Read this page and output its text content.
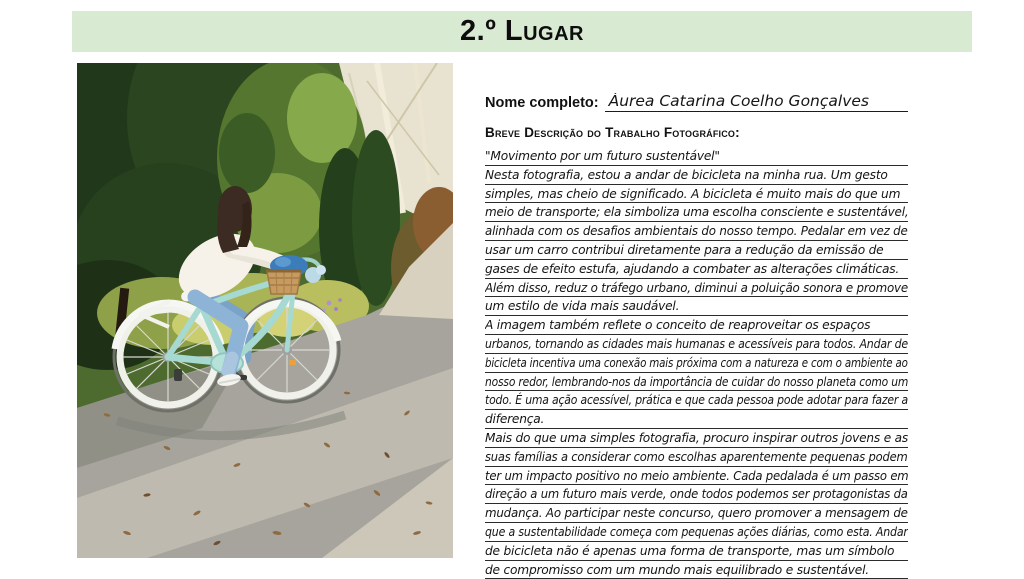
2.º Lugar
Nome completo: Áurea Catarina Coelho Gonçalves
Breve Descrição do Trabalho Fotográfico:
"Movimento por um futuro sustentável"
Nesta fotografia, estou a andar de bicicleta na minha rua. Um gesto
simples, mas cheio de significado. A bicicleta é muito mais do que um
meio de transporte; ela simboliza uma escolha consciente e sustentável,
alinhada com os desafios ambientais do nosso tempo. Pedalar em vez de
usar um carro contribui diretamente para a redução da emissão de
gases de efeito estufa, ajudando a combater as alterações climáticas.
Além disso, reduz o tráfego urbano, diminui a poluição sonora e promove
um estilo de vida mais saudável.
A imagem também reflete o conceito de reaproveitar os espaços
urbanos, tornando as cidades mais humanas e acessíveis para todos. Andar de
bicicleta incentiva uma conexão mais próxima com a natureza e com o ambiente ao
nosso redor, lembrando-nos da importância de cuidar do nosso planeta como um
todo. É uma ação acessível, prática e que cada pessoa pode adotar para fazer a
diferença.
Mais do que uma simples fotografia, procuro inspirar outros jovens e as
suas famílias a considerar como escolhas aparentemente pequenas podem
ter um impacto positivo no meio ambiente. Cada pedalada é um passo em
direção a um futuro mais verde, onde todos podemos ser protagonistas da
mudança. Ao participar neste concurso, quero promover a mensagem de
que a sustentabilidade começa com pequenas ações diárias, como esta. Andar
de bicicleta não é apenas uma forma de transporte, mas um símbolo
de compromisso com um mundo mais equilibrado e sustentável.
